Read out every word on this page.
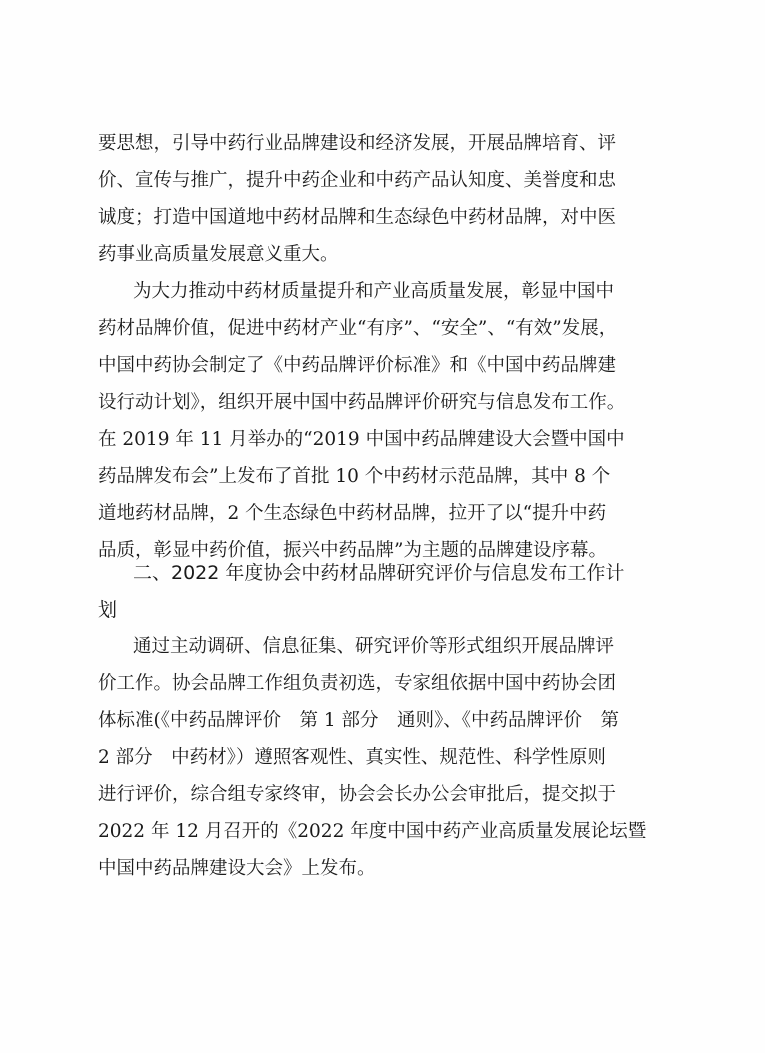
要思想，引导中药行业品牌建设和经济发展，开展品牌培育、评
价、宣传与推广，提升中药企业和中药产品认知度、美誉度和忠
诚度；打造中国道地中药材品牌和生态绿色中药材品牌，对中医
药事业高质量发展意义重大。
为大力推动中药材质量提升和产业高质量发展，彰显中国中
药材品牌价值，促进中药材产业“有序”、“安全”、“有效”发展，
中国中药协会制定了《中药品牌评价标准》和《中国中药品牌建
设行动计划》，组织开展中国中药品牌评价研究与信息发布工作。
在 2019 年 11 月举办的“2019 中国中药品牌建设大会暨中国中
药品牌发布会”上发布了首批 10 个中药材示范品牌，其中 8 个
道地药材品牌，2 个生态绿色中药材品牌，拉开了以“提升中药
品质，彰显中药价值，振兴中药品牌”为主题的品牌建设序幕。
二、2022 年度协会中药材品牌研究评价与信息发布工作计
划
通过主动调研、信息征集、研究评价等形式组织开展品牌评
价工作。协会品牌工作组负责初选，专家组依据中国中药协会团
体标准(《中药品牌评价　第 1 部分　通则》、《中药品牌评价　第
2 部分　中药材》）遵照客观性、真实性、规范性、科学性原则
进行评价，综合组专家终审，协会会长办公会审批后，提交拟于
2022 年 12 月召开的《2022 年度中国中药产业高质量发展论坛暨
中国中药品牌建设大会》上发布。
